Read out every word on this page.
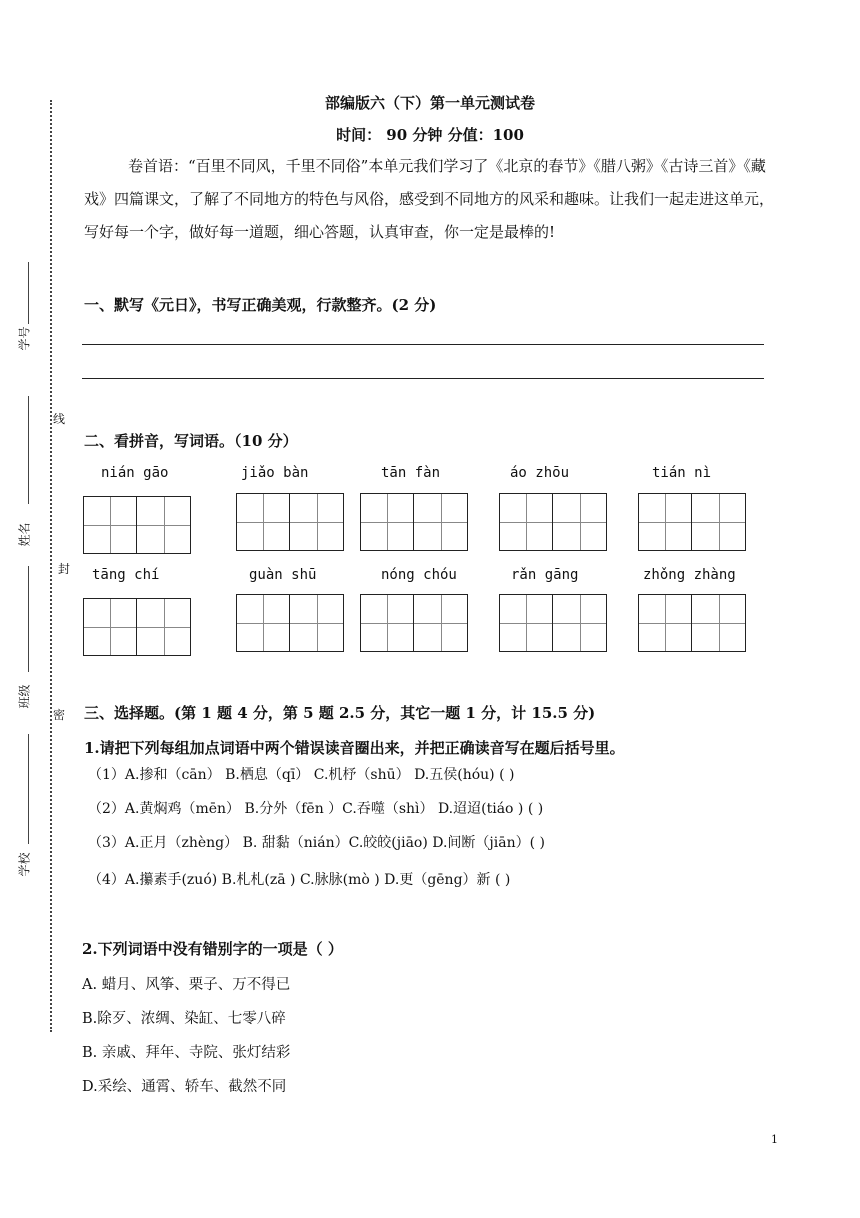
学号
姓名
班级
学校
线
封
密
部编版六（下）第一单元测试卷
时间： 90 分钟 分值：100
卷首语：“百里不同风，千里不同俗”本单元我们学习了《北京的春节》《腊八粥》《古诗三首》《藏戏》四篇课文，了解了不同地方的特色与风俗，感受到不同地方的风采和趣味。让我们一起走进这单元，写好每一个字，做好每一道题，细心答题，认真审查，你一定是最棒的!
一、默写《元日》，书写正确美观，行款整齐。(2 分)
二、看拼音，写词语。（10 分）
nián gāo	jiǎo bàn	tān fàn	áo zhōu	tián nì
tāng chí	guàn shū	nóng chóu	rǎn gāng	zhǒng zhàng
三、选择题。(第 1 题 4 分，第 5 题 2.5 分，其它一题 1 分，计 15.5 分)
1.请把下列每组加点词语中两个错误读音圈出来，并把正确读音写在题后括号里。
（1）A.掺和（cān） B.栖息（qī） C.机杼（shū） D.五侯(hóu) ( )
（2）A.黄焖鸡（mēn） B.分外（fēn ）C.吞噬（shì） D.迢迢(tiáo ) ( )
（3）A.正月（zhèng） B. 甜黏（nián）C.皎皎(jiāo) D.间断（jiān）( )
（4）A.攥素手(zuó) B.札札(zā ) C.脉脉(mò ) D.更（gēng）新 ( )
2.下列词语中没有错别字的一项是（ ）
A. 蜡月、风筝、栗子、万不得已
B.除歹、浓绸、染缸、七零八碎
B. 亲戚、拜年、寺院、张灯结彩
D.采绘、通霄、轿车、截然不同
1
